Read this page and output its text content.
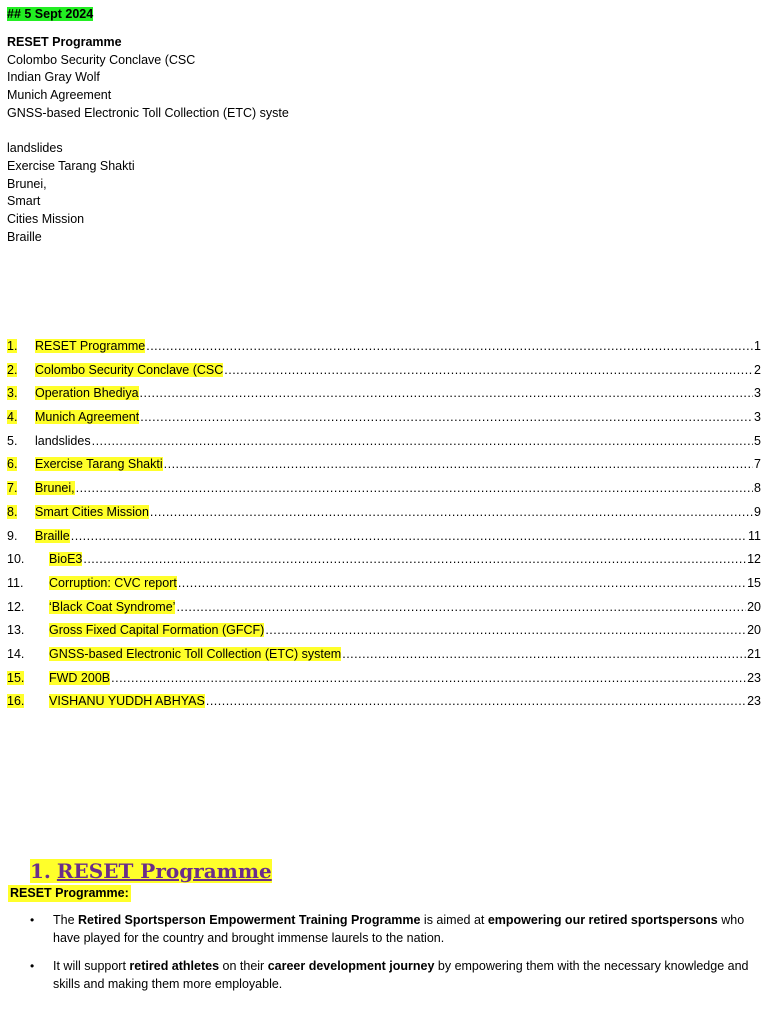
## 5 Sept 2024
RESET Programme
Colombo Security Conclave (CSC
Indian Gray Wolf
Munich Agreement
GNSS-based Electronic Toll Collection (ETC) syste
landslides
Exercise Tarang Shakti
Brunei,
Smart
Cities Mission
Braille
1.	RESET Programme .....	1
2.	Colombo Security Conclave (CSC .....	2
3.	Operation Bhediya .....	3
4.	Munich Agreement .....	3
5.	landslides .....	5
6.	Exercise Tarang Shakti .....	7
7.	Brunei, .....	8
8.	Smart Cities Mission .....	9
9.	Braille .....	11
10.	BioE3 .....	12
11.	Corruption: CVC report .....	15
12.	‘Black Coat Syndrome’ .....	20
13.	Gross Fixed Capital Formation (GFCF) .....	20
14.	GNSS-based Electronic Toll Collection (ETC) system .....	21
15.	FWD 200B .....	23
16.	VISHANU YUDDH ABHYAS .....	23
1. RESET Programme
RESET Programme:
• The Retired Sportsperson Empowerment Training Programme is aimed at empowering our retired sportspersons who have played for the country and brought immense laurels to the nation.
• It will support retired athletes on their career development journey by empowering them with the necessary knowledge and skills and making them more employable.
